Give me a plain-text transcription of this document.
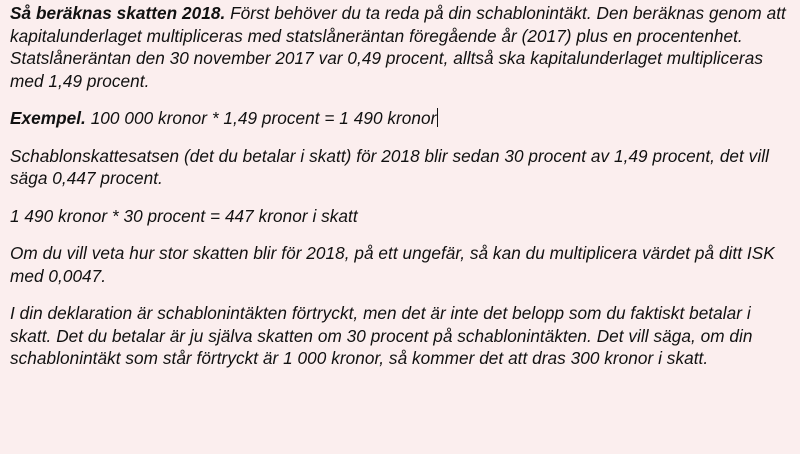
Så beräknas skatten 2018. Först behöver du ta reda på din schablonintäkt. Den beräknas genom att kapitalunderlaget multipliceras med statslåneräntan föregående år (2017) plus en procentenhet. Statslåneräntan den 30 november 2017 var 0,49 procent, alltså ska kapitalunderlaget multipliceras med 1,49 procent.

Exempel. 100 000 kronor * 1,49 procent = 1 490 kronor

Schablonskattesatsen (det du betalar i skatt) för 2018 blir sedan 30 procent av 1,49 procent, det vill säga 0,447 procent.

1 490 kronor * 30 procent = 447 kronor i skatt

Om du vill veta hur stor skatten blir för 2018, på ett ungefär, så kan du multiplicera värdet på ditt ISK med 0,0047.

I din deklaration är schablonintäkten förtryckt, men det är inte det belopp som du faktiskt betalar i skatt. Det du betalar är ju själva skatten om 30 procent på schablonintäkten. Det vill säga, om din schablonintäkt som står förtryckt är 1 000 kronor, så kommer det att dras 300 kronor i skatt.
